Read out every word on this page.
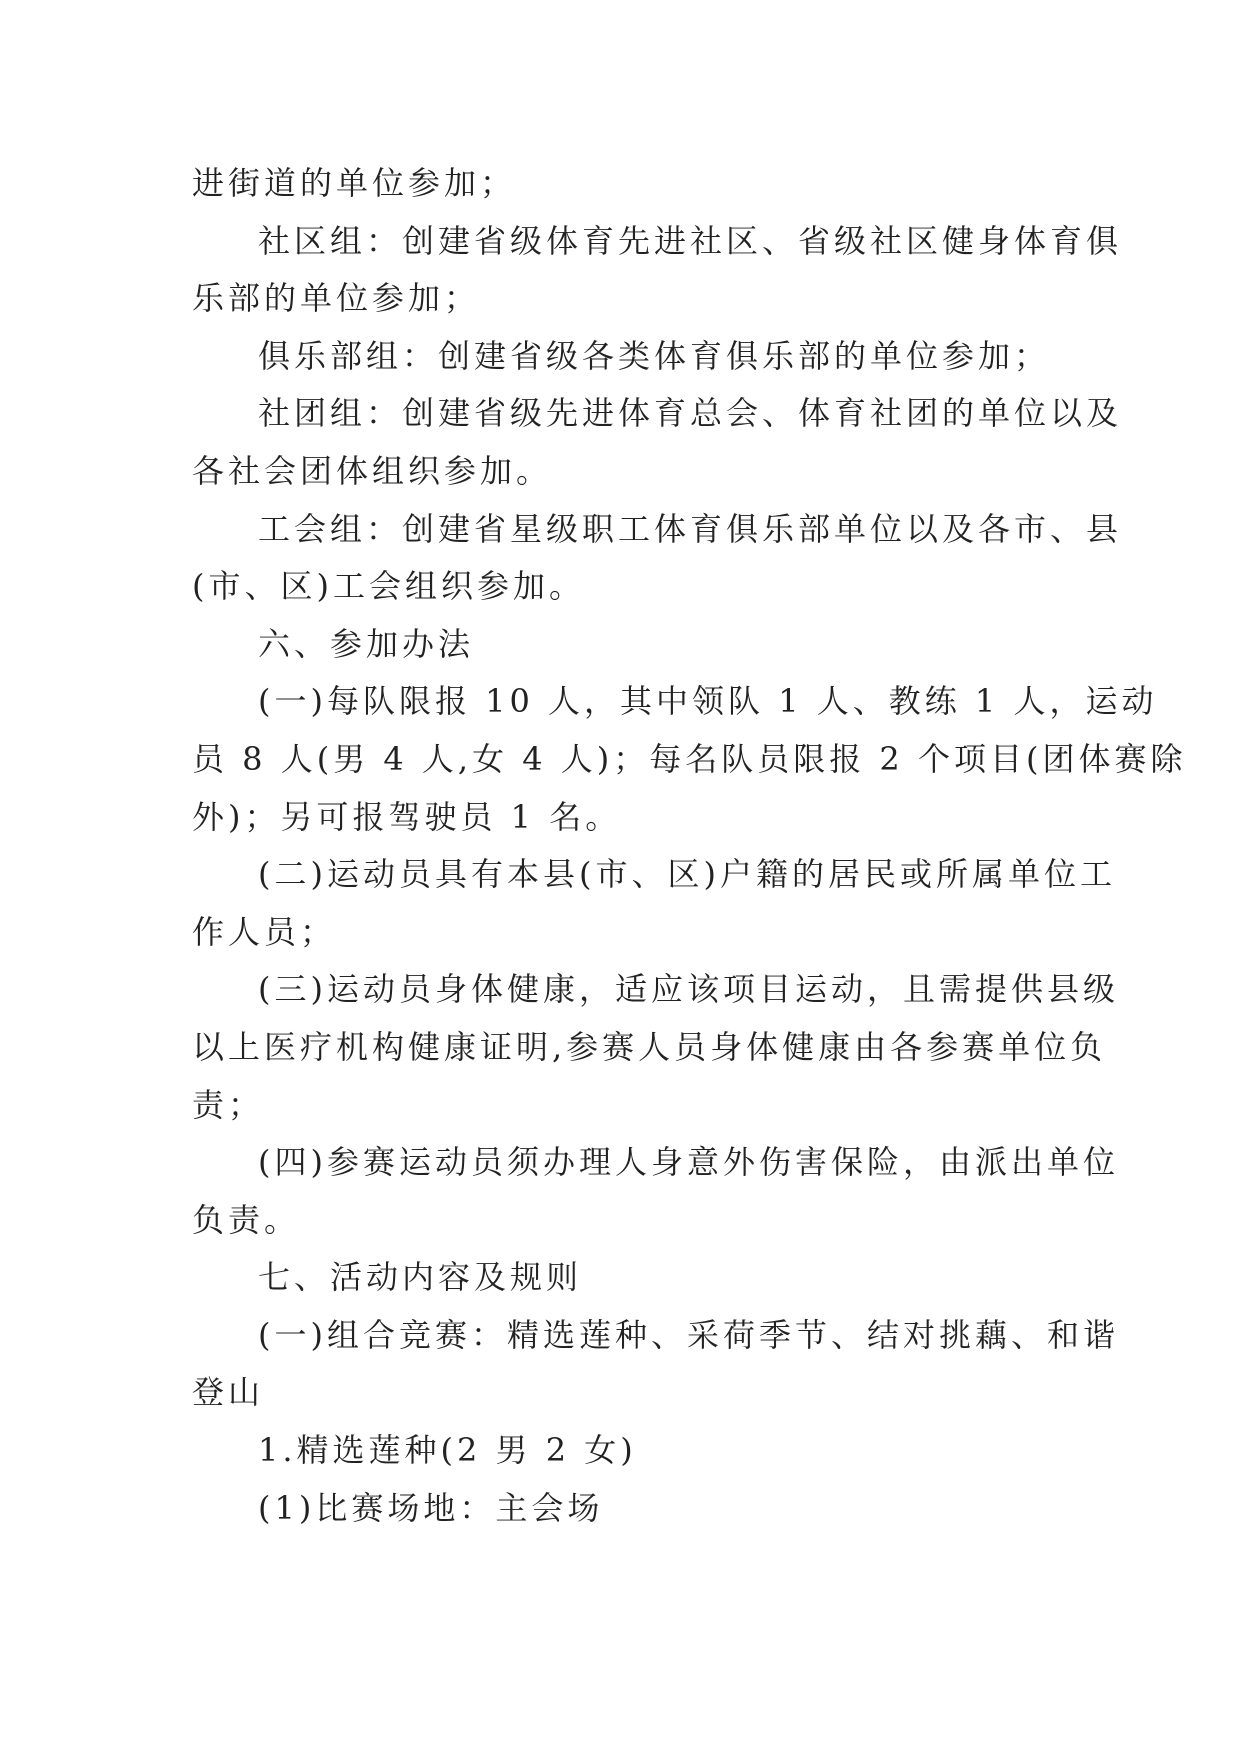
进街道的单位参加；
社区组：创建省级体育先进社区、省级社区健身体育俱
乐部的单位参加；
俱乐部组：创建省级各类体育俱乐部的单位参加；
社团组：创建省级先进体育总会、体育社团的单位以及
各社会团体组织参加。
工会组：创建省星级职工体育俱乐部单位以及各市、县
(市、区)工会组织参加。
六、参加办法
(一)每队限报 10 人，其中领队 1 人、教练 1 人，运动
员 8 人(男 4 人,女 4 人)；每名队员限报 2 个项目(团体赛除
外)；另可报驾驶员 1 名。
(二)运动员具有本县(市、区)户籍的居民或所属单位工
作人员；
(三)运动员身体健康，适应该项目运动，且需提供县级
以上医疗机构健康证明,参赛人员身体健康由各参赛单位负
责；
(四)参赛运动员须办理人身意外伤害保险，由派出单位
负责。
七、活动内容及规则
(一)组合竞赛：精选莲种、采荷季节、结对挑藕、和谐
登山
1.精选莲种(2 男 2 女)
(1)比赛场地：主会场
